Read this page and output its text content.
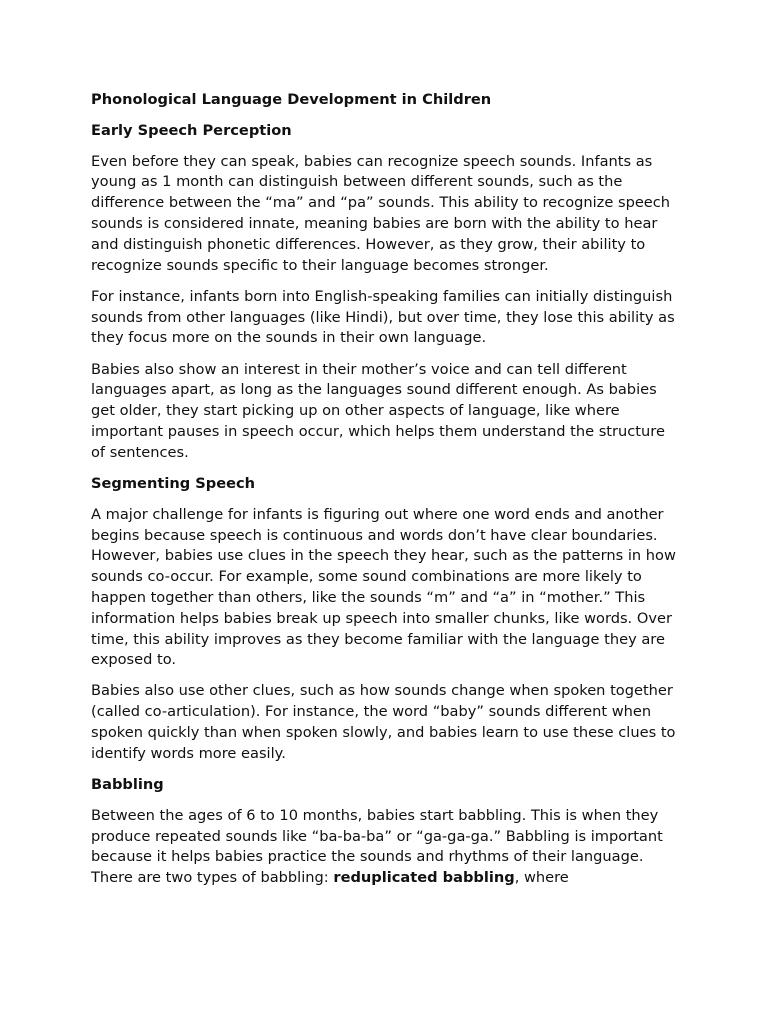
Phonological Language Development in Children
Early Speech Perception

Even before they can speak, babies can recognize speech sounds. Infants as young as 1 month can distinguish between different sounds, such as the difference between the “ma” and “pa” sounds. This ability to recognize speech sounds is considered innate, meaning babies are born with the ability to hear and distinguish phonetic differences. However, as they grow, their ability to recognize sounds specific to their language becomes stronger.

For instance, infants born into English-speaking families can initially distinguish sounds from other languages (like Hindi), but over time, they lose this ability as they focus more on the sounds in their own language.

Babies also show an interest in their mother’s voice and can tell different languages apart, as long as the languages sound different enough. As babies get older, they start picking up on other aspects of language, like where important pauses in speech occur, which helps them understand the structure of sentences.

Segmenting Speech

A major challenge for infants is figuring out where one word ends and another begins because speech is continuous and words don’t have clear boundaries. However, babies use clues in the speech they hear, such as the patterns in how sounds co-occur. For example, some sound combinations are more likely to happen together than others, like the sounds “m” and “a” in “mother.” This information helps babies break up speech into smaller chunks, like words. Over time, this ability improves as they become familiar with the language they are exposed to.

Babies also use other clues, such as how sounds change when spoken together (called co-articulation). For instance, the word “baby” sounds different when spoken quickly than when spoken slowly, and babies learn to use these clues to identify words more easily.

Babbling

Between the ages of 6 to 10 months, babies start babbling. This is when they produce repeated sounds like “ba-ba-ba” or “ga-ga-ga.” Babbling is important because it helps babies practice the sounds and rhythms of their language. There are two types of babbling: reduplicated babbling, where
